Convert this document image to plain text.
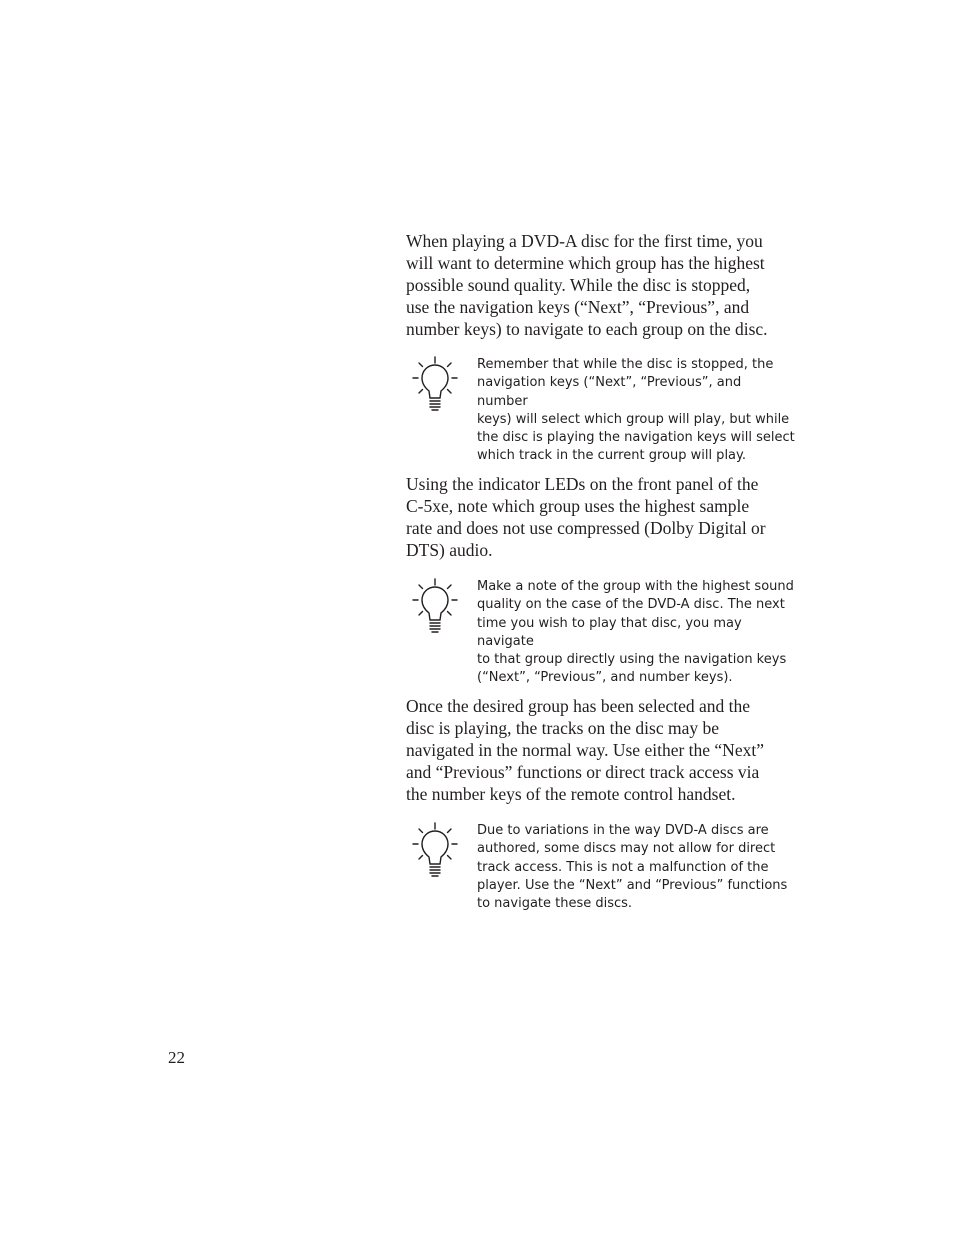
When playing a DVD-A disc for the first time, you
will want to determine which group has the highest
possible sound quality. While the disc is stopped,
use the navigation keys (“Next”, “Previous”, and
number keys) to navigate to each group on the disc.

Remember that while the disc is stopped, the
navigation keys (“Next”, “Previous”, and number
keys) will select which group will play, but while
the disc is playing the navigation keys will select
which track in the current group will play.

Using the indicator LEDs on the front panel of the
C-5xe, note which group uses the highest sample
rate and does not use compressed (Dolby Digital or
DTS) audio.

Make a note of the group with the highest sound
quality on the case of the DVD-A disc. The next
time you wish to play that disc, you may navigate
to that group directly using the navigation keys
(“Next”, “Previous”, and number keys).

Once the desired group has been selected and the
disc is playing, the tracks on the disc may be
navigated in the normal way. Use either the “Next”
and “Previous” functions or direct track access via
the number keys of the remote control handset.

Due to variations in the way DVD-A discs are
authored, some discs may not allow for direct
track access. This is not a malfunction of the
player. Use the “Next” and “Previous” functions
to navigate these discs.

22
